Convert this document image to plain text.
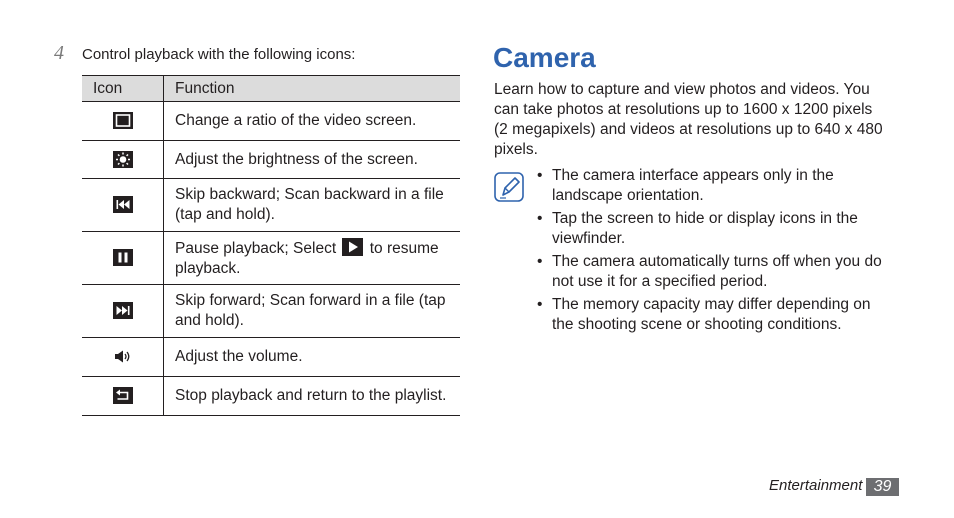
4 Control playback with the following icons:
Icon	Function

	Change a ratio of the video screen.

	Adjust the brightness of the screen.

	Skip backward; Scan backward in a file (tap and hold).

	Pause playback; Select to resume playback.

	Skip forward; Scan forward in a file (tap and hold).

	Adjust the volume.

	Stop playback and return to the playlist.
Camera
Learn how to capture and view photos and videos. You can take photos at resolutions up to 1600 x 1200 pixels (2 megapixels) and videos at resolutions up to 640 x 480 pixels.
• The camera interface appears only in the landscape orientation.
• Tap the screen to hide or display icons in the viewfinder.
• The camera automatically turns off when you do not use it for a specified period.
• The memory capacity may differ depending on the shooting scene or shooting conditions.
Entertainment 39
